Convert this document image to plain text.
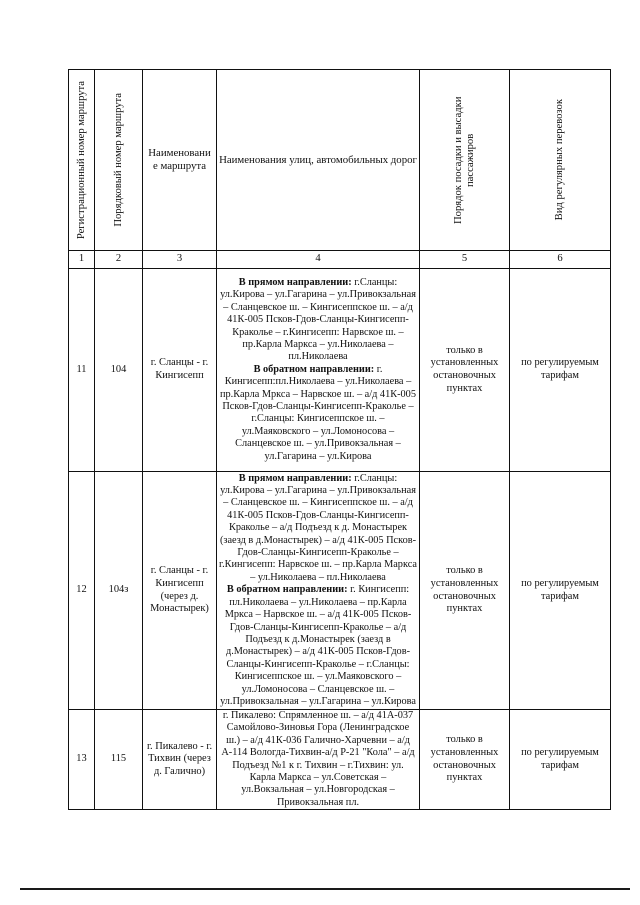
Регистрационный номер маршрута	Порядковый номер маршрута	Наименовани е маршрута	Наименования улиц, автомобильных дорог	Порядок посадки и высадки пассажиров	Вид регулярных перевозок

1	2	3	4	5	6
11	104	г. Сланцы - г. Кингисепп	В прямом направлении: г.Сланцы: ул.Кирова – ул.Гагарина – ул.Привокзальная – Сланцевское ш. – Кингисеппское ш. – а/д 41К-005 Псков-Гдов-Сланцы-Кингисепп-Краколье – г.Кингисепп: Нарвское ш. – пр.Карла Маркса – ул.Николаева – пл.Николаева
В обратном направлении: г. Кингисепп:пл.Николаева – ул.Николаева – пр.Карла Мркса – Нарвское ш. – а/д 41К-005 Псков-Гдов-Сланцы-Кингисепп-Краколье – г.Сланцы: Кингисеппское ш. – ул.Маяковского – ул.Ломоносова – Сланцевское ш. – ул.Привокзальная – ул.Гагарина – ул.Кирова	только в установленных остановочных пунктах	по регулируемым тарифам
12	104з	г. Сланцы - г. Кингисепп (через д. Монастырек)	В прямом направлении: г.Сланцы: ул.Кирова – ул.Гагарина – ул.Привокзальная – Сланцевское ш. – Кингисеппское ш. – а/д 41К-005 Псков-Гдов-Сланцы-Кингисепп-Краколье – а/д Подъезд к д. Монастырек (заезд в д.Монастырек) – а/д 41К-005 Псков-Гдов-Сланцы-Кингисепп-Краколье – г.Кингисепп: Нарвское ш. – пр.Карла Маркса – ул.Николаева – пл.Николаева
В обратном направлении: г. Кингисепп: пл.Николаева – ул.Николаева – пр.Карла Мркса – Нарвское ш. – а/д 41К-005 Псков-Гдов-Сланцы-Кингисепп-Краколье – а/д Подъезд к д.Монастырек (заезд в д.Монастырек) – а/д 41К-005 Псков-Гдов-Сланцы-Кингисепп-Краколье – г.Сланцы: Кингисеппское ш. – ул.Маяковского – ул.Ломоносова – Сланцевское ш. – ул.Привокзальная – ул.Гагарина – ул.Кирова	только в установленных остановочных пунктах	по регулируемым тарифам
13	115	г. Пикалево - г. Тихвин (через д. Галично)	г. Пикалево: Спрямленное ш. – а/д 41А-037 Самойлово-Зиновья Гора (Ленинградское ш.) – а/д 41К-036 Галично-Харчевни – а/д А-114 Вологда-Тихвин-а/д Р-21 "Кола" – а/д Подъезд №1 к г. Тихвин – г.Тихвин: ул. Карла Маркса – ул.Советская – ул.Вокзальная – ул.Новгородская – Привокзальная пл.	только в установленных остановочных пунктах	по регулируемым тарифам
